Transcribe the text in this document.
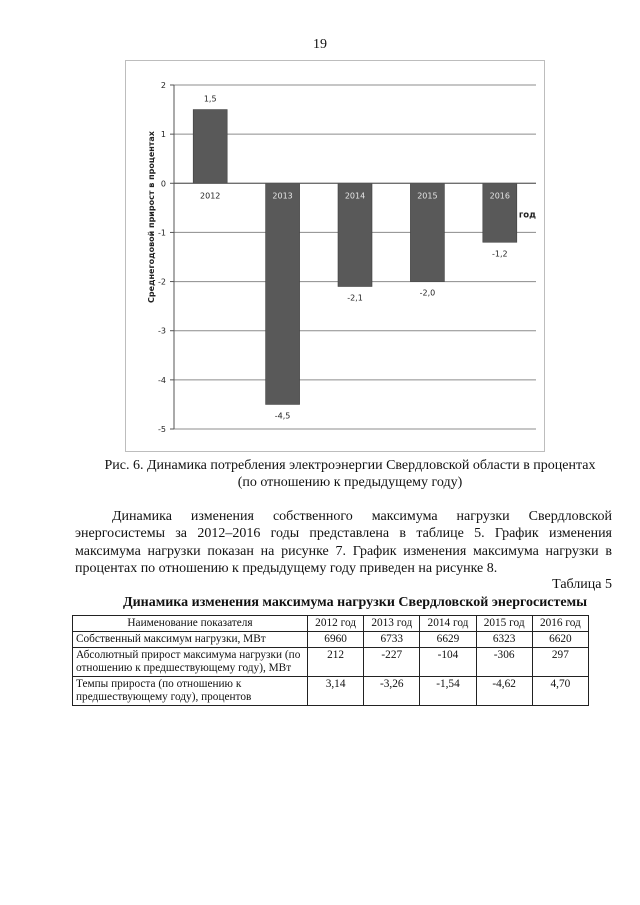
19
2
1
0
-1
-2
-3
-4
-5
2012
1,5
2013
-4,5
2014
-2,1
2015
-2,0
2016
-1,2
год
Среднегодовой прирост в процентах
Рис. 6. Динамика потребления электроэнергии Свердловской области в процентах
(по отношению к предыдущему году)
Динамика изменения собственного максимума нагрузки Свердловской энергосистемы за 2012–2016 годы представлена в таблице 5. График изменения максимума нагрузки показан на рисунке 7. График изменения максимума нагрузки в процентах по отношению к предыдущему году приведен на рисунке 8.
Таблица 5
Динамика изменения максимума нагрузки Свердловской энергосистемы
Наименование показателя	2012 год	2013 год	2014 год	2015 год	2016 год
Собственный максимум нагрузки, МВт	6960	6733	6629	6323	6620
Абсолютный прирост максимума нагрузки (по отношению к предшествующему году), МВт	212	-227	-104	-306	297
Темпы прироста (по отношению к предшествующему году), процентов	3,14	-3,26	-1,54	-4,62	4,70
